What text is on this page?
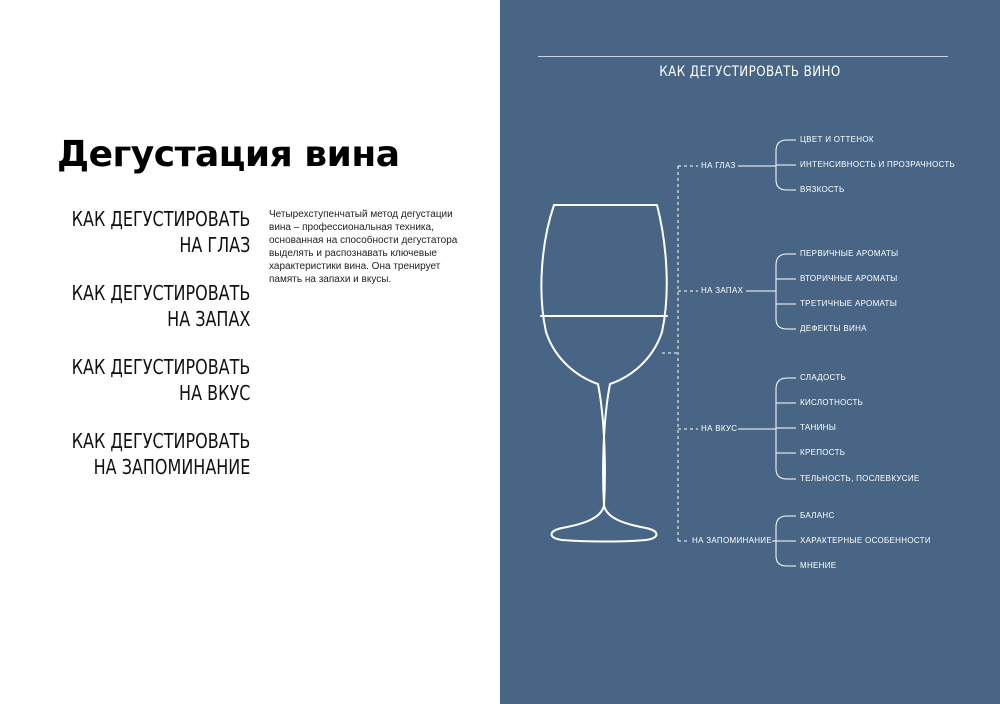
Дегустация вина
КАК ДЕГУСТИРОВАТЬ
НА ГЛАЗ
КАК ДЕГУСТИРОВАТЬ
НА ЗАПАХ
КАК ДЕГУСТИРОВАТЬ
НА ВКУС
КАК ДЕГУСТИРОВАТЬ
НА ЗАПОМИНАНИЕ
Четырехступенчатый метод дегустации вина – профессиональная техника, основанная на способности дегустатора выделять и распознавать ключевые характеристики вина. Она тренирует память на запахи и вкусы.
КАК ДЕГУСТИРОВАТЬ ВИНО
НА ГЛАЗ
НА ЗАПАХ
НА ВКУС
НА ЗАПОМИНАНИЕ
ЦВЕТ И ОТТЕНОК
ИНТЕНСИВНОСТЬ И ПРОЗРАЧНОСТЬ
ВЯЗКОСТЬ
ПЕРВИЧНЫЕ АРОМАТЫ
ВТОРИЧНЫЕ АРОМАТЫ
ТРЕТИЧНЫЕ АРОМАТЫ
ДЕФЕКТЫ ВИНА
СЛАДОСТЬ
КИСЛОТНОСТЬ
ТАНИНЫ
КРЕПОСТЬ
ТЕЛЬНОСТЬ, ПОСЛЕВКУСИЕ
БАЛАНС
ХАРАКТЕРНЫЕ ОСОБЕННОСТИ
МНЕНИЕ
